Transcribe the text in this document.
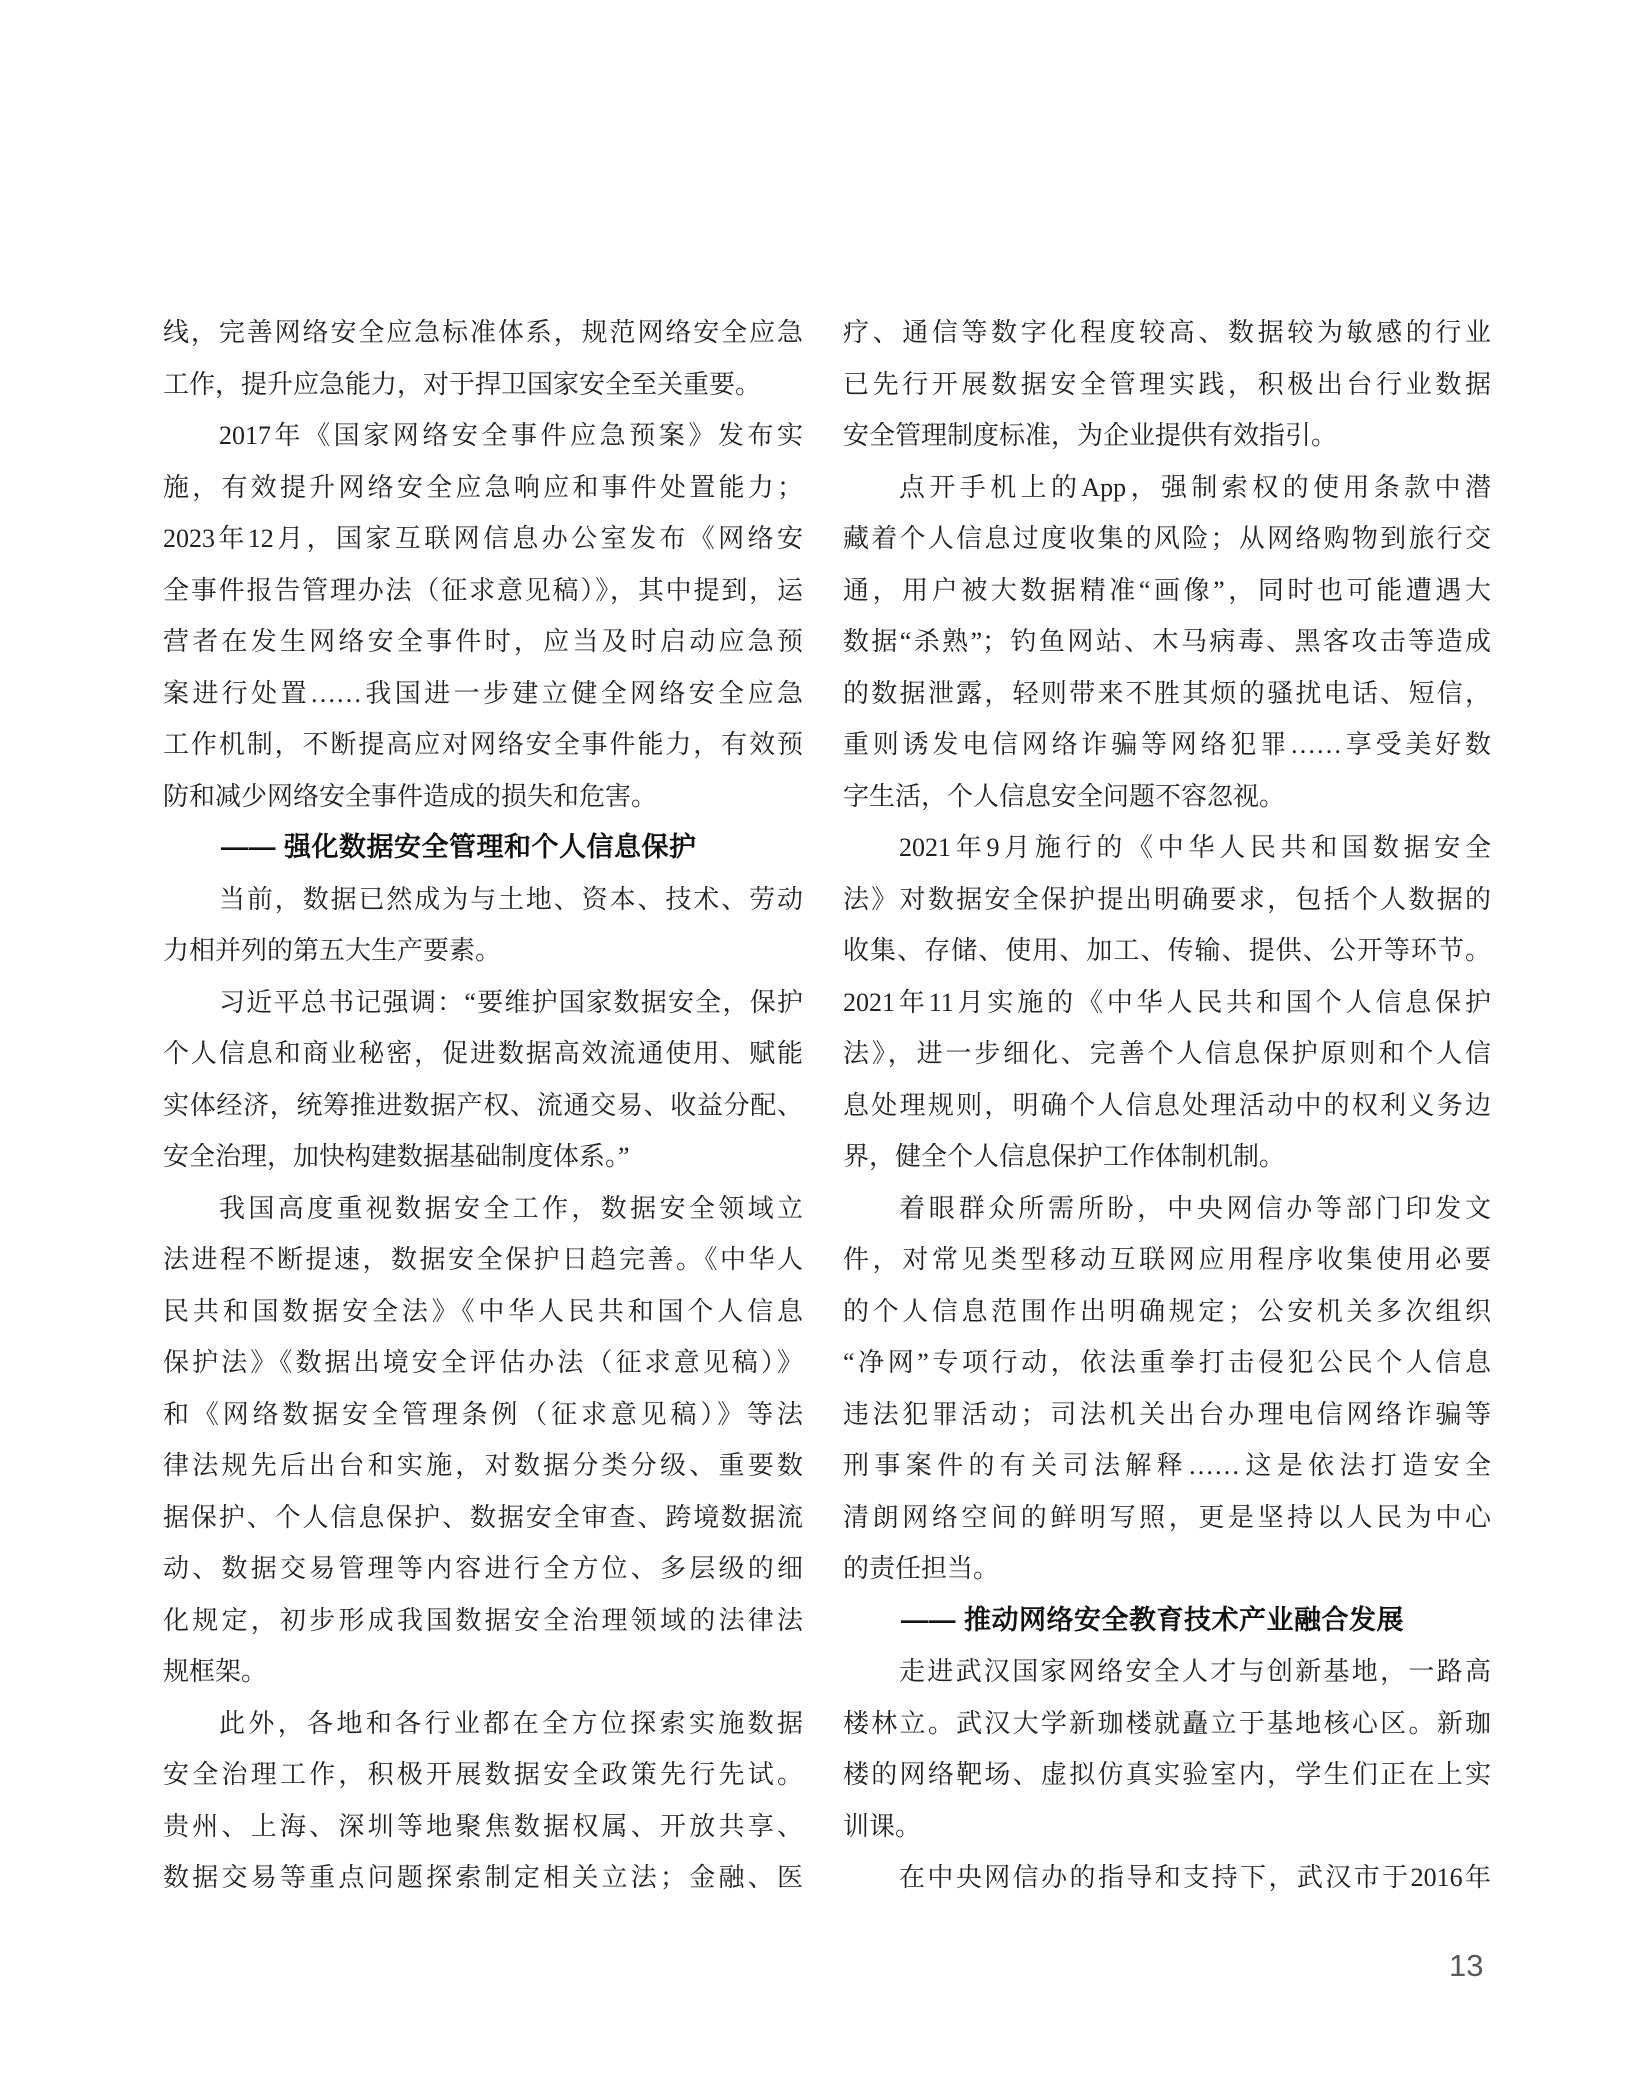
线，完善网络安全应急标准体系，规范网络安全应急
工作，提升应急能力，对于捍卫国家安全至关重要。
2017年《国家网络安全事件应急预案》发布实
施，有效提升网络安全应急响应和事件处置能力；
2023年12月，国家互联网信息办公室发布《网络安
全事件报告管理办法（征求意见稿）》，其中提到，运
营者在发生网络安全事件时，应当及时启动应急预
案进行处置……我国进一步建立健全网络安全应急
工作机制，不断提高应对网络安全事件能力，有效预
防和减少网络安全事件造成的损失和危害。
—— 强化数据安全管理和个人信息保护
当前，数据已然成为与土地、资本、技术、劳动
力相并列的第五大生产要素。
习近平总书记强调：“要维护国家数据安全，保护
个人信息和商业秘密，促进数据高效流通使用、赋能
实体经济，统筹推进数据产权、流通交易、收益分配、
安全治理，加快构建数据基础制度体系。”
我国高度重视数据安全工作，数据安全领域立
法进程不断提速，数据安全保护日趋完善。《中华人
民共和国数据安全法》《中华人民共和国个人信息
保护法》《数据出境安全评估办法（征求意见稿）》
和《网络数据安全管理条例（征求意见稿）》等法
律法规先后出台和实施，对数据分类分级、重要数
据保护、个人信息保护、数据安全审查、跨境数据流
动、数据交易管理等内容进行全方位、多层级的细
化规定，初步形成我国数据安全治理领域的法律法
规框架。
此外，各地和各行业都在全方位探索实施数据
安全治理工作，积极开展数据安全政策先行先试。
贵州、上海、深圳等地聚焦数据权属、开放共享、
数据交易等重点问题探索制定相关立法；金融、医
疗、通信等数字化程度较高、数据较为敏感的行业
已先行开展数据安全管理实践，积极出台行业数据
安全管理制度标准，为企业提供有效指引。
点开手机上的App，强制索权的使用条款中潜
藏着个人信息过度收集的风险；从网络购物到旅行交
通，用户被大数据精准“画像”，同时也可能遭遇大
数据“杀熟”；钓鱼网站、木马病毒、黑客攻击等造成
的数据泄露，轻则带来不胜其烦的骚扰电话、短信，
重则诱发电信网络诈骗等网络犯罪……享受美好数
字生活，个人信息安全问题不容忽视。
2021年9月施行的《中华人民共和国数据安全
法》对数据安全保护提出明确要求，包括个人数据的
收集、存储、使用、加工、传输、提供、公开等环节。
2021年11月实施的《中华人民共和国个人信息保护
法》，进一步细化、完善个人信息保护原则和个人信
息处理规则，明确个人信息处理活动中的权利义务边
界，健全个人信息保护工作体制机制。
着眼群众所需所盼，中央网信办等部门印发文
件，对常见类型移动互联网应用程序收集使用必要
的个人信息范围作出明确规定；公安机关多次组织
“净网”专项行动，依法重拳打击侵犯公民个人信息
违法犯罪活动；司法机关出台办理电信网络诈骗等
刑事案件的有关司法解释……这是依法打造安全
清朗网络空间的鲜明写照，更是坚持以人民为中心
的责任担当。
—— 推动网络安全教育技术产业融合发展
走进武汉国家网络安全人才与创新基地，一路高
楼林立。武汉大学新珈楼就矗立于基地核心区。新珈
楼的网络靶场、虚拟仿真实验室内，学生们正在上实
训课。
在中央网信办的指导和支持下，武汉市于2016年
13
